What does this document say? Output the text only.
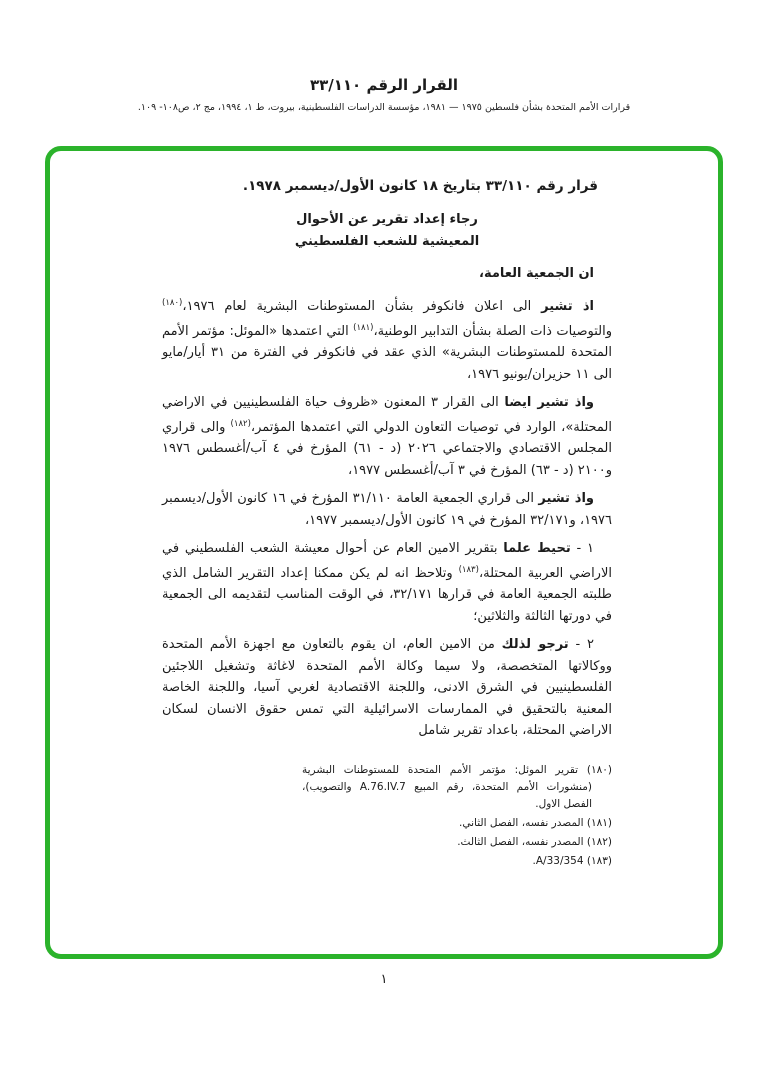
القرار الرقم ٣٣/١١٠
قرارات الأمم المتحدة بشأن فلسطين ١٩٧٥ — ١٩٨١، مؤسسة الدراسات الفلسطينية، بيروت، ط ١، ١٩٩٤، مج ٢، ص١٠٨- ١٠٩.

قرار رقم ٣٣/١١٠ بتاريخ ١٨ كانون الأول/ديسمبر ١٩٧٨.

رجاء إعداد تقرير عن الأحوال
المعيشية للشعب الفلسطيني

ان الجمعية العامة،

اذ تشير الى اعلان فانكوفر بشأن المستوطنات البشرية لعام ١٩٧٦،$^{(١٨٠)}$ والتوصيات ذات الصلة بشأن التدابير الوطنية،$^{(١٨١)}$ التي اعتمدها «الموئل: مؤتمر الأمم المتحدة للمستوطنات البشرية» الذي عقد في فانكوفر في الفترة من ٣١ أيار/مايو الى ١١ حزيران/يونيو ١٩٧٦،

واذ تشير ايضا الى القرار ٣ المعنون «ظروف حياة الفلسطينيين في الاراضي المحتلة»، الوارد في توصيات التعاون الدولي التي اعتمدها المؤتمر،$^{(١٨٢)}$ والى قراري المجلس الاقتصادي والاجتماعي ٢٠٢٦ (د - ٦١) المؤرخ في ٤ آب/أغسطس ١٩٧٦ و٢١٠٠ (د - ٦٣) المؤرخ في ٣ آب/أغسطس ١٩٧٧،

واذ تشير الى قراري الجمعية العامة ٣١/١١٠ المؤرخ في ١٦ كانون الأول/ديسمبر ١٩٧٦، و٣٢/١٧١ المؤرخ في ١٩ كانون الأول/ديسمبر ١٩٧٧،

١ - تحيط علما بتقرير الامين العام عن أحوال معيشة الشعب الفلسطيني في الاراضي العربية المحتلة،$^{(١٨٣)}$ وتلاحظ انه لم يكن ممكنا إعداد التقرير الشامل الذي طلبته الجمعية العامة في قرارها ٣٢/١٧١، في الوقت المناسب لتقديمه الى الجمعية في دورتها الثالثة والثلاثين؛

٢ - ترجو لذلك من الامين العام، ان يقوم بالتعاون مع اجهزة الأمم المتحدة ووكالاتها المتخصصة، ولا سيما وكالة الأمم المتحدة لاغاثة وتشغيل اللاجئين الفلسطينيين في الشرق الادنى، واللجنة الاقتصادية لغربي آسيا، واللجنة الخاصة المعنية بالتحقيق في الممارسات الاسرائيلية التي تمس حقوق الانسان لسكان الاراضي المحتلة، باعداد تقرير شامل

(١٨٠) تقرير الموئل: مؤتمر الأمم المتحدة للمستوطنات البشرية (منشورات الأمم المتحدة، رقم المبيع A.76.IV.7 والتصويب)، الفصل الاول.
(١٨١) المصدر نفسه، الفصل الثاني.
(١٨٢) المصدر نفسه، الفصل الثالث.
(١٨٣) A/33/354.
١
